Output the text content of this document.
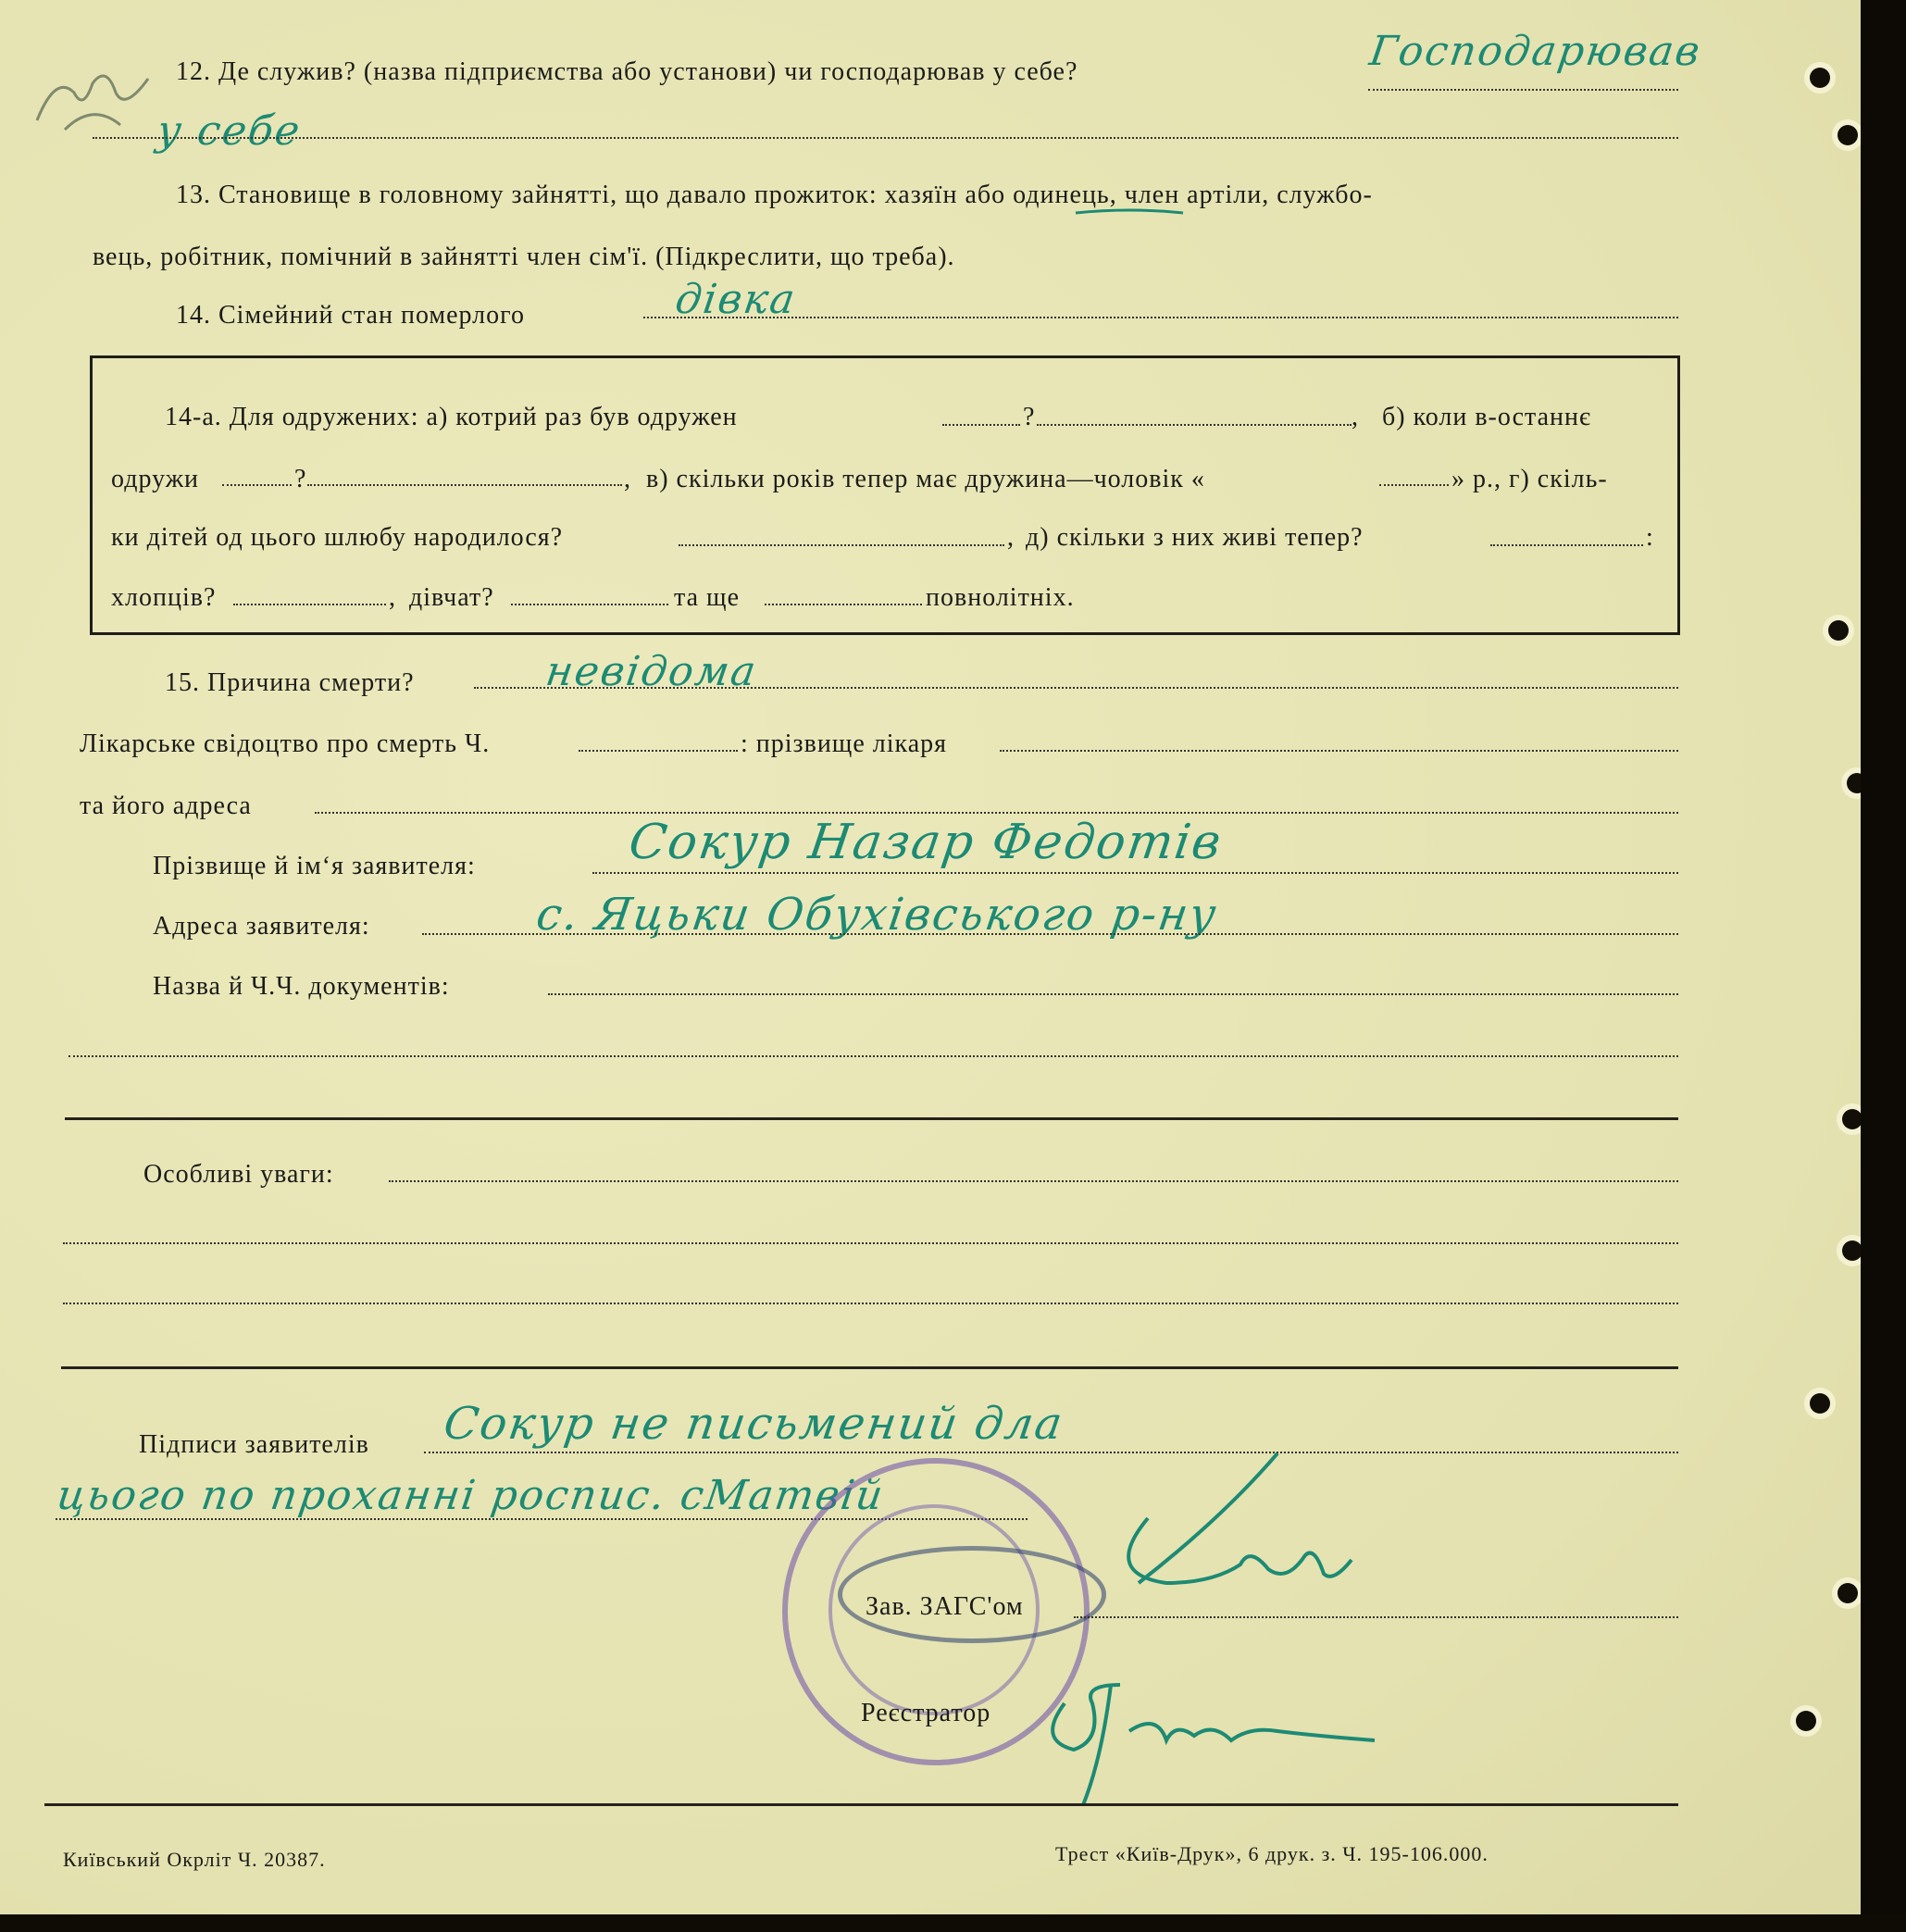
12. Де служив? (назва підприємства або установи) чи господарював у себе?	Господарював
у себе
13. Становище в головному зайнятті, що давало прожиток: хазяїн або одинець, член артіли, службо-
вець, робітник, помічний в зайнятті член сім'ї. (Підкреслити, що треба).
14. Сімейний стан померлого	дівка
14-а. Для одружених: а) котрий раз був одружен	?	, б) коли в-останнє
одружи	?	, в) скільки років тепер має дружина—чоловік «	» р., г) скіль-
ки дітей од цього шлюбу народилося?	, д) скільки з них живі тепер?	:
хлопців?	, дівчат?	та ще	повнолітніх.
15. Причина смерти?	невідома
Лікарське свідоцтво про смерть Ч.	: прізвище лікаря
та його адреса
Прізвище й ім‘я заявителя:	Сокур Назар Федотів
Адреса заявителя:	с. Яцьки Обухівського р-ну
Назва й Ч.Ч. документів:
Особливі уваги:
Підписи заявителів Сокур не письмений дла
цього по проханні роспис. сМатвій
Зав. ЗАГС'ом
Реєстратор
Київський Окрліт Ч. 20387.	Трест «Київ-Друк», 6 друк. з. Ч. 195-106.000.
